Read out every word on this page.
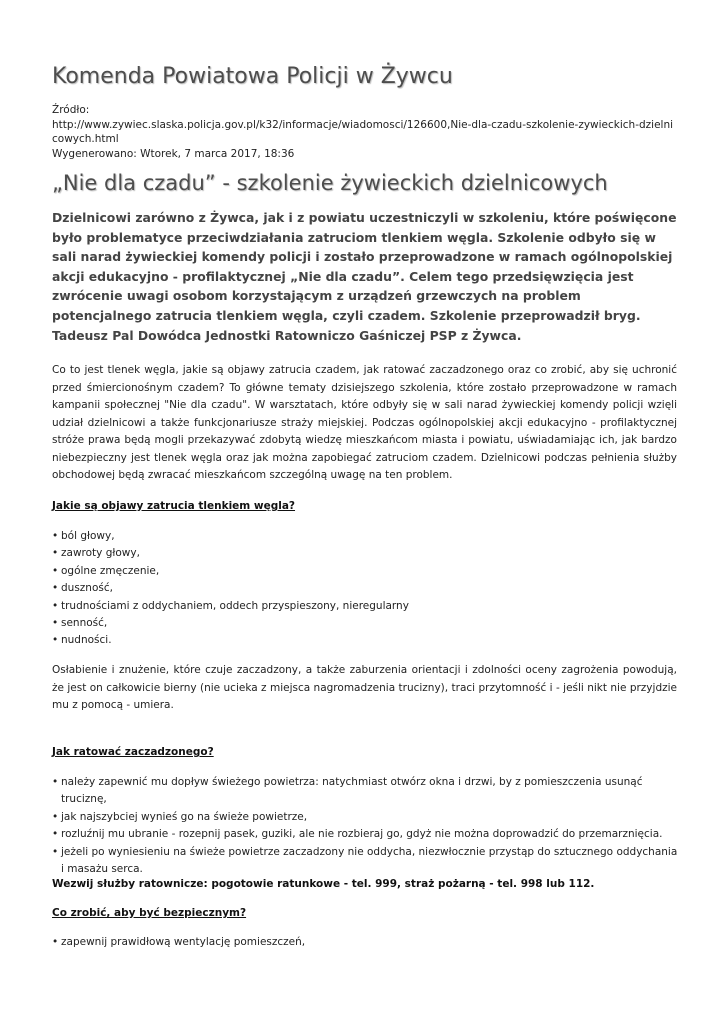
Komenda Powiatowa Policji w Żywcu
Źródło:
http://www.zywiec.slaska.policja.gov.pl/k32/informacje/wiadomosci/126600,Nie-dla-czadu-szkolenie-zywieckich-dzielnicowych.html
Wygenerowano: Wtorek, 7 marca 2017, 18:36
„Nie dla czadu” - szkolenie żywieckich dzielnicowych

Dzielnicowi zarówno z Żywca, jak i z powiatu uczestniczyli w szkoleniu, które poświęcone było problematyce przeciwdziałania zatruciom tlenkiem węgla. Szkolenie odbyło się w sali narad żywieckiej komendy policji i zostało przeprowadzone w ramach ogólnopolskiej akcji edukacyjno - profilaktycznej „Nie dla czadu”. Celem tego przedsięwzięcia jest zwrócenie uwagi osobom korzystającym z urządzeń grzewczych na problem potencjalnego zatrucia tlenkiem węgla, czyli czadem. Szkolenie przeprowadził bryg. Tadeusz Pal Dowódca Jednostki Ratowniczo Gaśniczej PSP z Żywca.

Co to jest tlenek węgla, jakie są objawy zatrucia czadem, jak ratować zaczadzonego oraz co zrobić, aby się uchronić przed śmiercionośnym czadem? To główne tematy dzisiejszego szkolenia, które zostało przeprowadzone w ramach kampanii społecznej "Nie dla czadu". W warsztatach, które odbyły się w sali narad żywieckiej komendy policji wzięli udział dzielnicowi a także funkcjonariusze straży miejskiej. Podczas ogólnopolskiej akcji edukacyjno - profilaktycznej stróże prawa będą mogli przekazywać zdobytą wiedzę mieszkańcom miasta i powiatu, uświadamiając ich, jak bardzo niebezpieczny jest tlenek węgla oraz jak można zapobiegać zatruciom czadem. Dzielnicowi podczas pełnienia służby obchodowej będą zwracać mieszkańcom szczególną uwagę na ten problem.

Jakie są objawy zatrucia tlenkiem węgla?
• ból głowy,
• zawroty głowy,
• ogólne zmęczenie,
• duszność,
• trudnościami z oddychaniem, oddech przyspieszony, nieregularny
• senność,
• nudności.

Osłabienie i znużenie, które czuje zaczadzony, a także zaburzenia orientacji i zdolności oceny zagrożenia powodują, że jest on całkowicie bierny (nie ucieka z miejsca nagromadzenia trucizny), traci przytomność i - jeśli nikt nie przyjdzie mu z pomocą - umiera.

Jak ratować zaczadzonego?
• należy zapewnić mu dopływ świeżego powietrza: natychmiast otwórz okna i drzwi, by z pomieszczenia usunąć truciznę,
• jak najszybciej wynieś go na świeże powietrze,
• rozluźnij mu ubranie - rozepnij pasek, guziki, ale nie rozbieraj go, gdyż nie można doprowadzić do przemarznięcia.
• jeżeli po wyniesieniu na świeże powietrze zaczadzony nie oddycha, niezwłocznie przystąp do sztucznego oddychania i masażu serca.
Wezwij służby ratownicze: pogotowie ratunkowe - tel. 999, straż pożarną - tel. 998 lub 112.
Co zrobić, aby być bezpiecznym?
• zapewnij prawidłową wentylację pomieszczeń,
